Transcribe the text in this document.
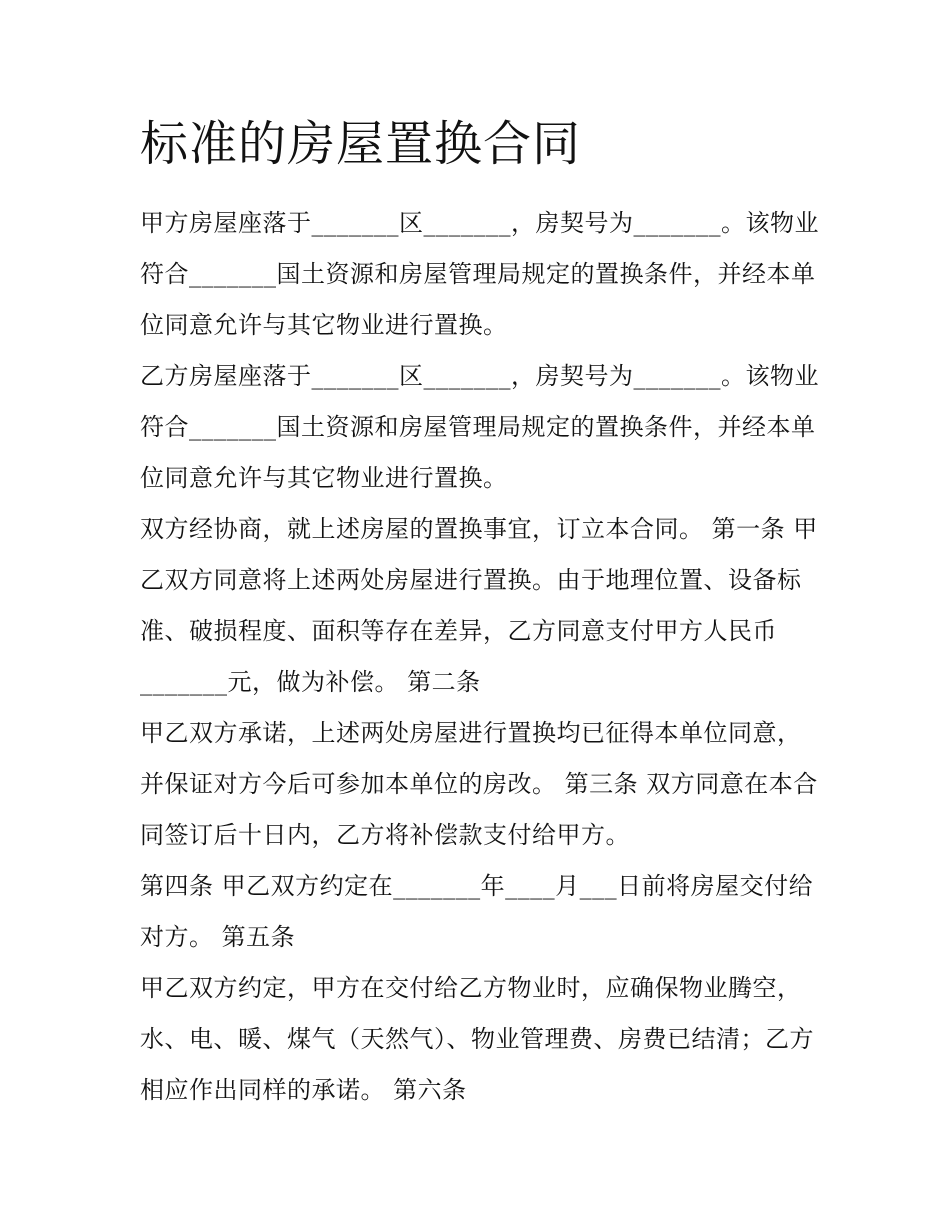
标准的房屋置换合同

甲方房屋座落于_______区_______，房契号为_______。该物业符合_______国土资源和房屋管理局规定的置换条件，并经本单位同意允许与其它物业进行置换。

乙方房屋座落于_______区_______，房契号为_______。该物业符合_______国土资源和房屋管理局规定的置换条件，并经本单位同意允许与其它物业进行置换。

双方经协商，就上述房屋的置换事宜，订立本合同。 第一条 甲乙双方同意将上述两处房屋进行置换。由于地理位置、设备标准、破损程度、面积等存在差异，乙方同意支付甲方人民币_______元，做为补偿。 第二条

甲乙双方承诺，上述两处房屋进行置换均已征得本单位同意，并保证对方今后可参加本单位的房改。 第三条 双方同意在本合同签订后十日内，乙方将补偿款支付给甲方。

第四条 甲乙双方约定在_______年____月___日前将房屋交付给对方。 第五条

甲乙双方约定，甲方在交付给乙方物业时，应确保物业腾空，水、电、暖、煤气（天然气）、物业管理费、房费已结清；乙方相应作出同样的承诺。 第六条
